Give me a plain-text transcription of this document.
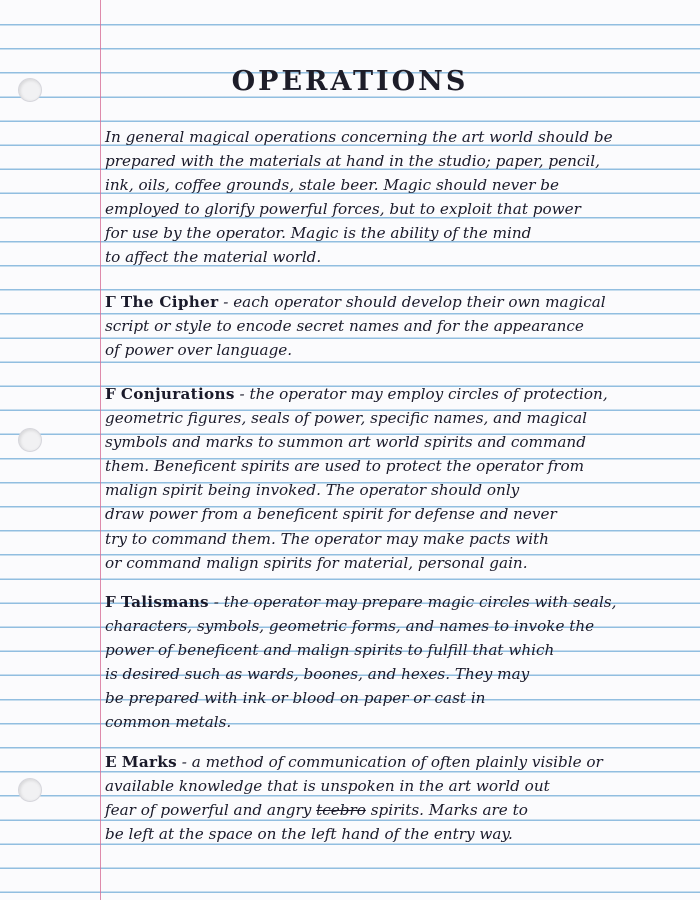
OPERATIONS

In general magical operations concerning the art world should be
prepared with the materials at hand in the studio; paper, pencil,
ink, oils, coffee grounds, stale beer. Magic should never be
employed to glorify powerful forces, but to exploit that power
for use by the operator. Magic is the ability of the mind
to affect the material world.

Γ The Cipher - each operator should develop their own magical
script or style to encode secret names and for the appearance
of power over language.

F Conjurations - the operator may employ circles of protection,
geometric figures, seals of power, specific names, and magical
symbols and marks to summon art world spirits and command
them. Beneficent spirits are used to protect the operator from
malign spirit being invoked. The operator should only
draw power from a beneficent spirit for defense and never
try to command them. The operator may make pacts with
or command malign spirits for material, personal gain.

F Talismans - the operator may prepare magic circles with seals,
characters, symbols, geometric forms, and names to invoke the
power of beneficent and malign spirits to fulfill that which
is desired such as wards, boones, and hexes. They may
be prepared with ink or blood on paper or cast in
common metals.

E Marks - a method of communication of often plainly visible or
available knowledge that is unspoken in the art world out
fear of powerful and angry tcebro spirits. Marks are to
be left at the space on the left hand of the entry way.
